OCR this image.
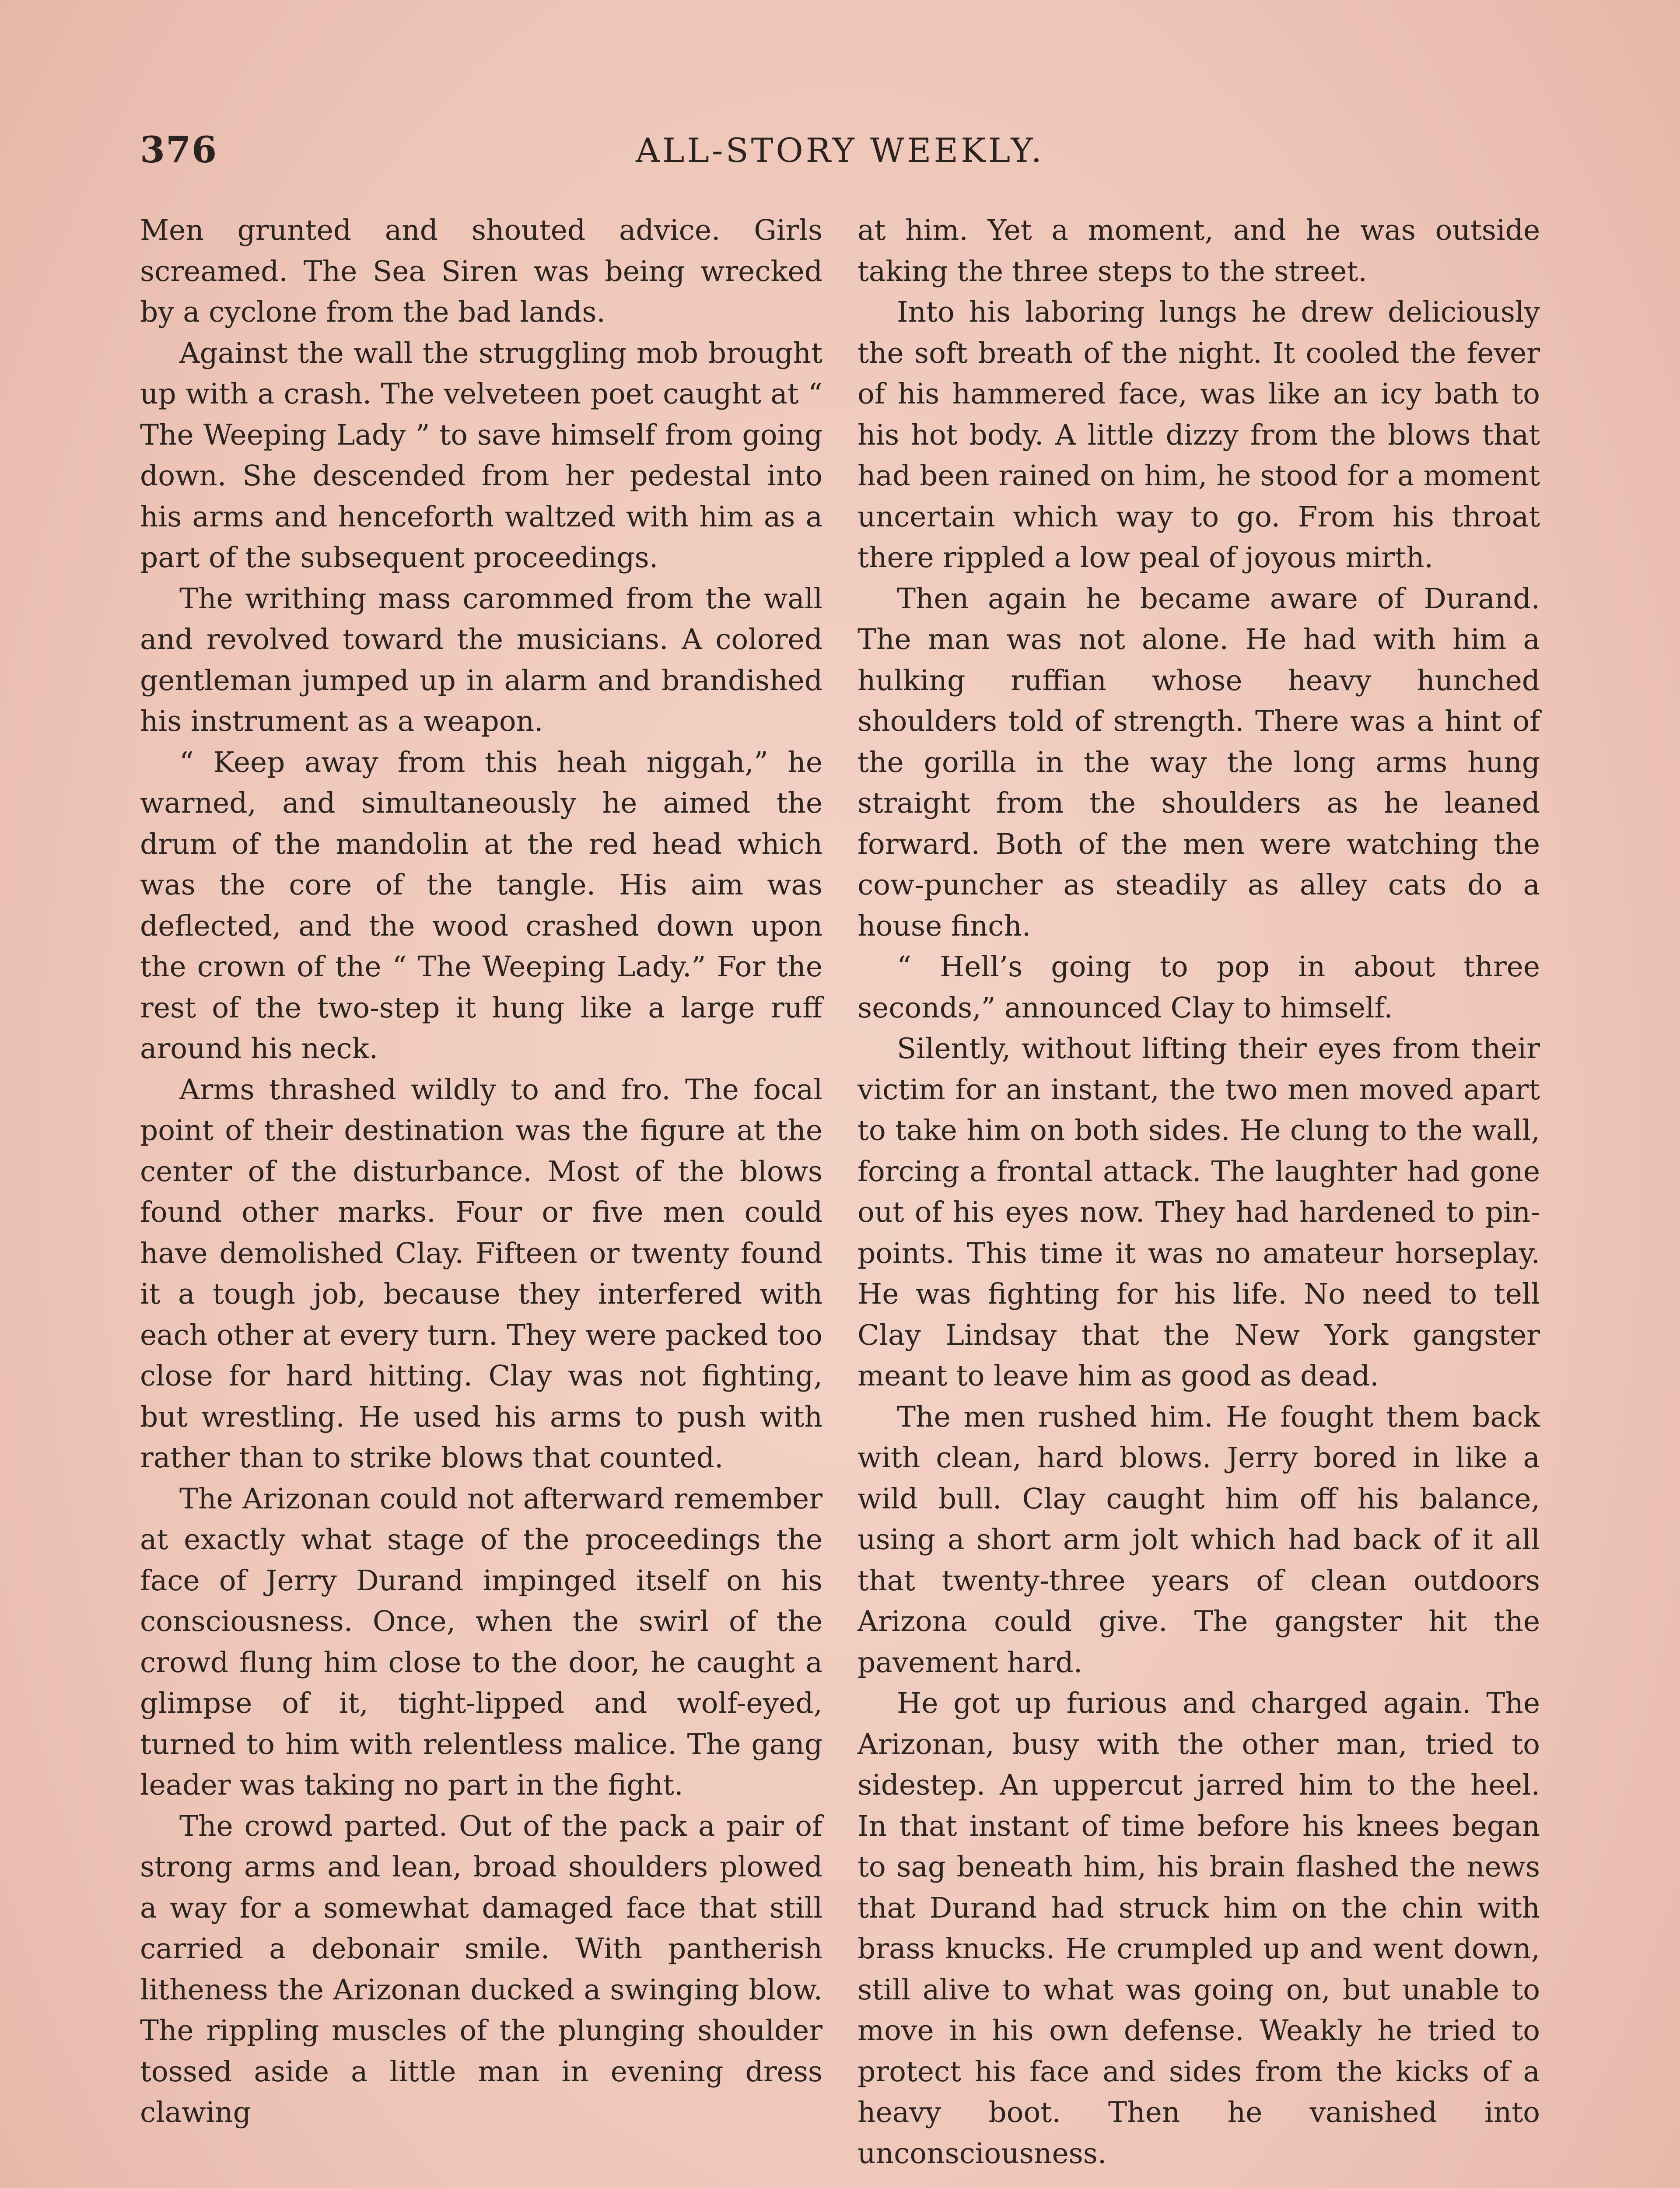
376	ALL-STORY WEEKLY.

Men grunted and shouted advice. Girls screamed. The Sea Siren was being wrecked by a cyclone from the bad lands.

Against the wall the struggling mob brought up with a crash. The velveteen poet caught at “ The Weeping Lady ” to save himself from going down. She descended from her pedestal into his arms and henceforth waltzed with him as a part of the subsequent proceedings.

The writhing mass carommed from the wall and revolved toward the musicians. A colored gentleman jumped up in alarm and brandished his instrument as a weapon.

“ Keep away from this heah niggah,” he warned, and simultaneously he aimed the drum of the mandolin at the red head which was the core of the tangle. His aim was deflected, and the wood crashed down upon the crown of the “ The Weeping Lady.” For the rest of the two-step it hung like a large ruff around his neck.

Arms thrashed wildly to and fro. The focal point of their destination was the figure at the center of the disturbance. Most of the blows found other marks. Four or five men could have demolished Clay. Fifteen or twenty found it a tough job, because they interfered with each other at every turn. They were packed too close for hard hitting. Clay was not fighting, but wrestling. He used his arms to push with rather than to strike blows that counted.

The Arizonan could not afterward remember at exactly what stage of the proceedings the face of Jerry Durand impinged itself on his consciousness. Once, when the swirl of the crowd flung him close to the door, he caught a glimpse of it, tight-lipped and wolf-eyed, turned to him with relentless malice. The gang leader was taking no part in the fight.

The crowd parted. Out of the pack a pair of strong arms and lean, broad shoulders plowed a way for a somewhat damaged face that still carried a debonair smile. With pantherish litheness the Arizonan ducked a swinging blow. The rippling muscles of the plunging shoulder tossed aside a little man in evening dress clawing

at him. Yet a moment, and he was outside taking the three steps to the street.

Into his laboring lungs he drew deliciously the soft breath of the night. It cooled the fever of his hammered face, was like an icy bath to his hot body. A little dizzy from the blows that had been rained on him, he stood for a moment uncertain which way to go. From his throat there rippled a low peal of joyous mirth.

Then again he became aware of Durand. The man was not alone. He had with him a hulking ruffian whose heavy hunched shoulders told of strength. There was a hint of the gorilla in the way the long arms hung straight from the shoulders as he leaned forward. Both of the men were watching the cow-puncher as steadily as alley cats do a house finch.

“ Hell’s going to pop in about three seconds,” announced Clay to himself.

Silently, without lifting their eyes from their victim for an instant, the two men moved apart to take him on both sides. He clung to the wall, forcing a frontal attack. The laughter had gone out of his eyes now. They had hardened to pin-points. This time it was no amateur horseplay. He was fighting for his life. No need to tell Clay Lindsay that the New York gangster meant to leave him as good as dead.

The men rushed him. He fought them back with clean, hard blows. Jerry bored in like a wild bull. Clay caught him off his balance, using a short arm jolt which had back of it all that twenty-three years of clean outdoors Arizona could give. The gangster hit the pavement hard.

He got up furious and charged again. The Arizonan, busy with the other man, tried to sidestep. An uppercut jarred him to the heel. In that instant of time before his knees began to sag beneath him, his brain flashed the news that Durand had struck him on the chin with brass knucks. He crumpled up and went down, still alive to what was going on, but unable to move in his own defense. Weakly he tried to protect his face and sides from the kicks of a heavy boot. Then he vanished into unconsciousness.
